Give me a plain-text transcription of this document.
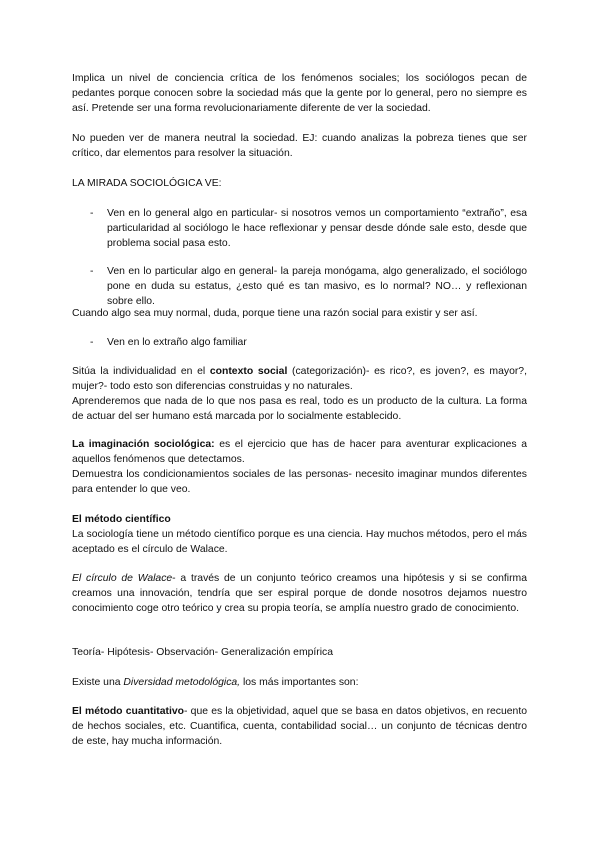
Implica un nivel de conciencia crítica de los fenómenos sociales; los sociólogos pecan de pedantes porque conocen sobre la sociedad más que la gente por lo general, pero no siempre es así. Pretende ser una forma revolucionariamente diferente de ver la sociedad.

No pueden ver de manera neutral la sociedad. EJ: cuando analizas la pobreza tienes que ser crítico, dar elementos para resolver la situación.

LA MIRADA SOCIOLÓGICA VE:

- Ven en lo general algo en particular- si nosotros vemos un comportamiento “extraño”, esa particularidad al sociólogo le hace reflexionar y pensar desde dónde sale esto, desde que problema social pasa esto.
- Ven en lo particular algo en general- la pareja monógama, algo generalizado, el sociólogo pone en duda su estatus, ¿esto qué es tan masivo, es lo normal? NO… y reflexionan sobre ello.

Cuando algo sea muy normal, duda, porque tiene una razón social para existir y ser así.

- Ven en lo extraño algo familiar

Sitúa la individualidad en el contexto social (categorización)- es rico?, es joven?, es mayor?, mujer?- todo esto son diferencias construidas y no naturales.

Aprenderemos que nada de lo que nos pasa es real, todo es un producto de la cultura. La forma de actuar del ser humano está marcada por lo socialmente establecido.

La imaginación sociológica: es el ejercicio que has de hacer para aventurar explicaciones a aquellos fenómenos que detectamos.

Demuestra los condicionamientos sociales de las personas- necesito imaginar mundos diferentes para entender lo que veo.

El método científico

La sociología tiene un método científico porque es una ciencia. Hay muchos métodos, pero el más aceptado es el círculo de Walace.

El círculo de Walace- a través de un conjunto teórico creamos una hipótesis y si se confirma creamos una innovación, tendría que ser espiral porque de donde nosotros dejamos nuestro conocimiento coge otro teórico y crea su propia teoría, se amplía nuestro grado de conocimiento.

Teoría- Hipótesis- Observación- Generalización empírica

Existe una Diversidad metodológica, los más importantes son:

El método cuantitativo- que es la objetividad, aquel que se basa en datos objetivos, en recuento de hechos sociales, etc. Cuantifica, cuenta, contabilidad social… un conjunto de técnicas dentro de este, hay mucha información.
